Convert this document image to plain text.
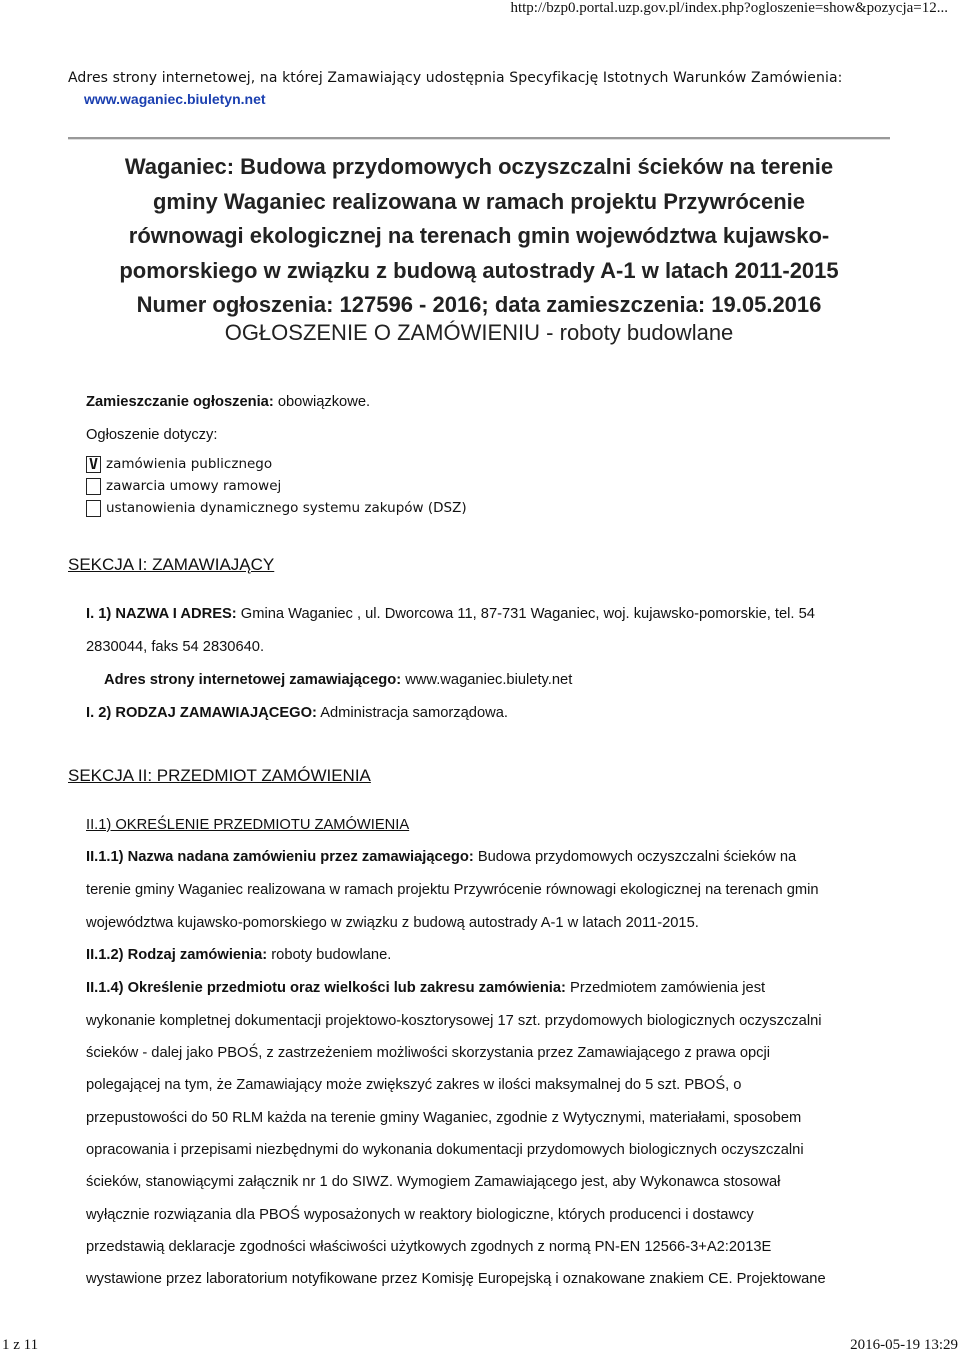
http://bzp0.portal.uzp.gov.pl/index.php?ogloszenie=show&pozycja=12...
Adres strony internetowej, na której Zamawiający udostępnia Specyfikację Istotnych Warunków Zamówienia:
www.waganiec.biuletyn.net
Waganiec: Budowa przydomowych oczyszczalni ścieków na terenie
gminy Waganiec realizowana w ramach projektu Przywrócenie
równowagi ekologicznej na terenach gmin województwa kujawsko-
pomorskiego w związku z budową autostrady A-1 w latach 2011-2015
Numer ogłoszenia: 127596 - 2016; data zamieszczenia: 19.05.2016
OGŁOSZENIE O ZAMÓWIENIU - roboty budowlane
Zamieszczanie ogłoszenia: obowiązkowe.
Ogłoszenie dotyczy:
V zamówienia publicznego
zawarcia umowy ramowej
ustanowienia dynamicznego systemu zakupów (DSZ)
SEKCJA I: ZAMAWIAJĄCY
I. 1) NAZWA I ADRES: Gmina Waganiec , ul. Dworcowa 11, 87-731 Waganiec, woj. kujawsko-pomorskie, tel. 54
2830044, faks 54 2830640.
Adres strony internetowej zamawiającego: www.waganiec.biulety.net
I. 2) RODZAJ ZAMAWIAJĄCEGO: Administracja samorządowa.
SEKCJA II: PRZEDMIOT ZAMÓWIENIA
II.1) OKREŚLENIE PRZEDMIOTU ZAMÓWIENIA
II.1.1) Nazwa nadana zamówieniu przez zamawiającego: Budowa przydomowych oczyszczalni ścieków na
terenie gminy Waganiec realizowana w ramach projektu Przywrócenie równowagi ekologicznej na terenach gmin
województwa kujawsko-pomorskiego w związku z budową autostrady A-1 w latach 2011-2015.
II.1.2) Rodzaj zamówienia: roboty budowlane.
II.1.4) Określenie przedmiotu oraz wielkości lub zakresu zamówienia: Przedmiotem zamówienia jest
wykonanie kompletnej dokumentacji projektowo-kosztorysowej 17 szt. przydomowych biologicznych oczyszczalni
ścieków - dalej jako PBOŚ, z zastrzeżeniem możliwości skorzystania przez Zamawiającego z prawa opcji
polegającej na tym, że Zamawiający może zwiększyć zakres w ilości maksymalnej do 5 szt. PBOŚ, o
przepustowości do 50 RLM każda na terenie gminy Waganiec, zgodnie z Wytycznymi, materiałami, sposobem
opracowania i przepisami niezbędnymi do wykonania dokumentacji przydomowych biologicznych oczyszczalni
ścieków, stanowiącymi załącznik nr 1 do SIWZ. Wymogiem Zamawiającego jest, aby Wykonawca stosował
wyłącznie rozwiązania dla PBOŚ wyposażonych w reaktory biologiczne, których producenci i dostawcy
przedstawią deklaracje zgodności właściwości użytkowych zgodnych z normą PN-EN 12566-3+A2:2013E
wystawione przez laboratorium notyfikowane przez Komisję Europejską i oznakowane znakiem CE. Projektowane
1 z 11	2016-05-19 13:29
